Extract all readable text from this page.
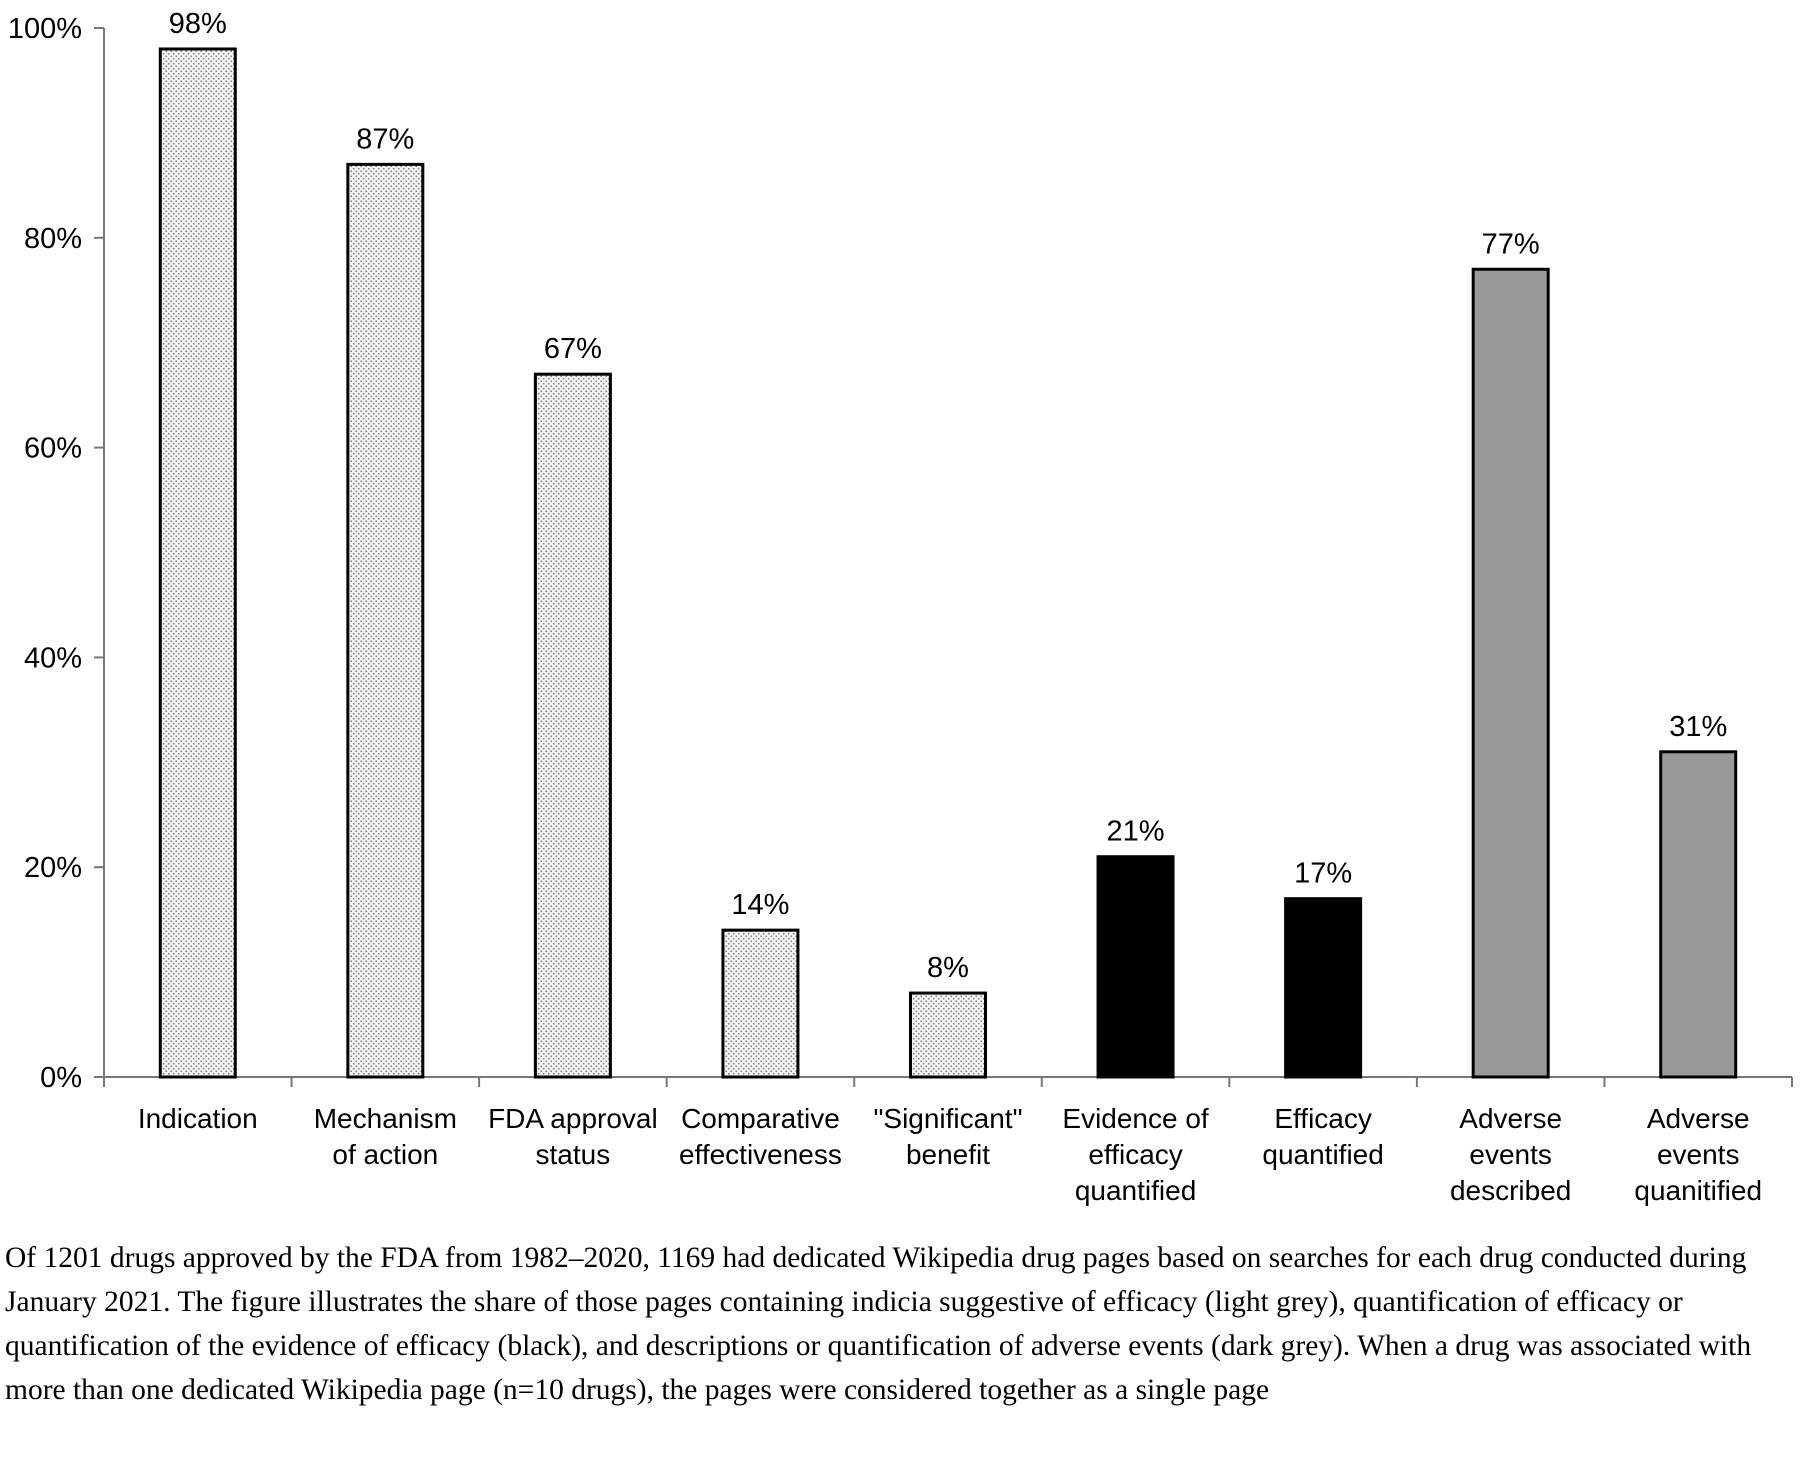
0%
20%
40%
60%
80%
100%	98%
87%
67%
14%
8%
21%
17%
77%
31%
Indication Mechanism of action
FDA approval status
Comparative effectiveness
"Significant" benefit
Evidence of efficacy quantified
Efficacy quantified
Adverse events described
Adverse events quanitified

Of 1201 drugs approved by the FDA from 1982–2020, 1169 had dedicated Wikipedia drug pages based on searches for each drug conducted during January 2021. The figure illustrates the share of those pages containing indicia suggestive of efficacy (light grey), quantification of efficacy or quantification of the evidence of efficacy (black), and descriptions or quantification of adverse events (dark grey). When a drug was associated with more than one dedicated Wikipedia page (n=10 drugs), the pages were considered together as a single page
